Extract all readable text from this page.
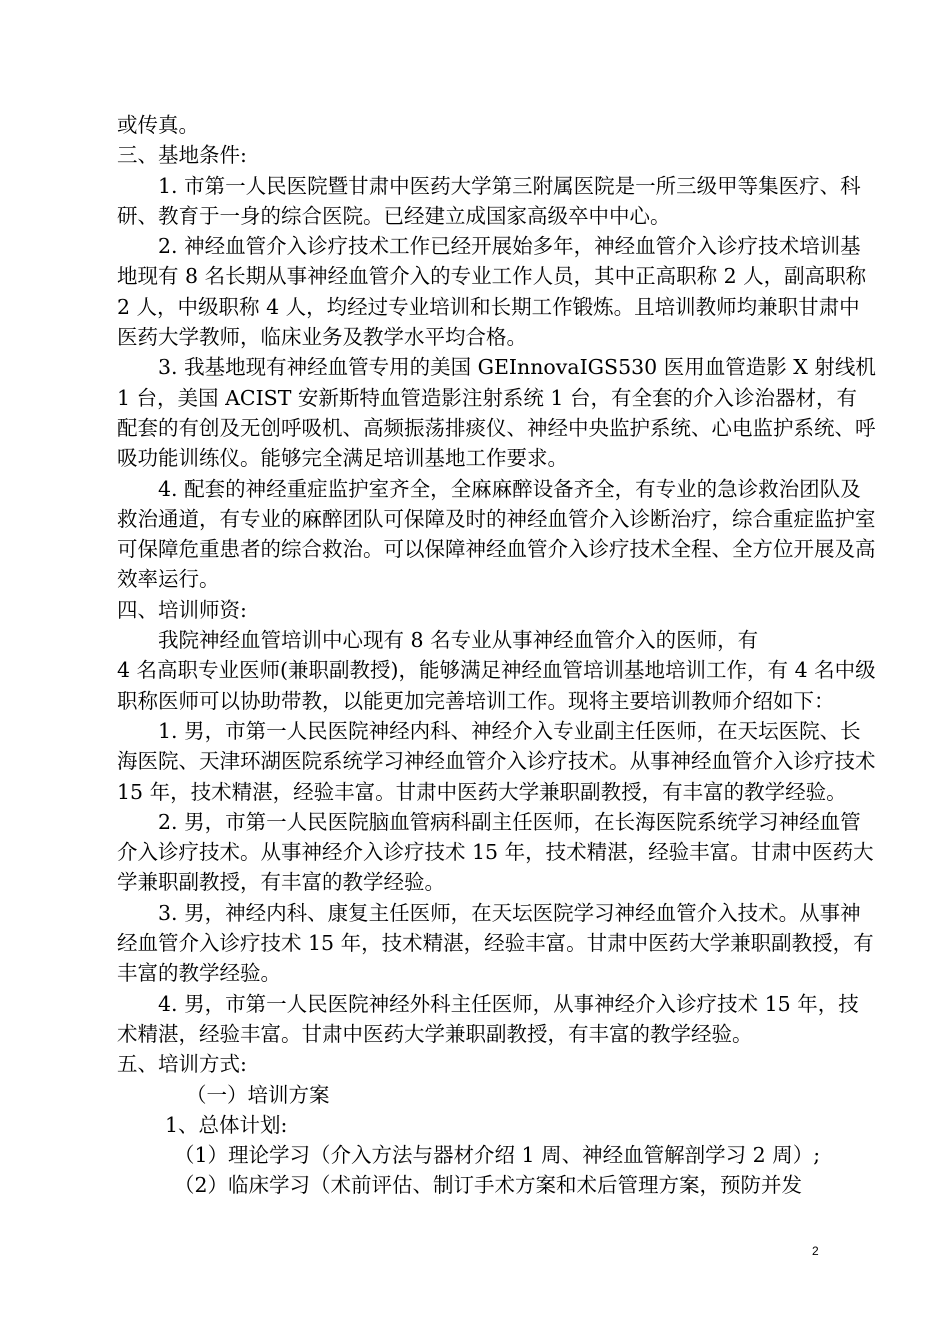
或传真。

三、基地条件:

1. 市第一人民医院暨甘肃中医药大学第三附属医院是一所三级甲等集医疗、科研、教育于一身的综合医院。已经建立成国家高级卒中中心。

2. 神经血管介入诊疗技术工作已经开展始多年，神经血管介入诊疗技术培训基地现有 8 名长期从事神经血管介入的专业工作人员，其中正高职称 2 人，副高职称 2 人，中级职称 4 人，均经过专业培训和长期工作锻炼。且培训教师均兼职甘肃中医药大学教师，临床业务及教学水平均合格。

3. 我基地现有神经血管专用的美国 GEInnovaIGS530 医用血管造影 X 射线机 1 台，美国 ACIST 安新斯特血管造影注射系统 1 台，有全套的介入诊治器材，有配套的有创及无创呼吸机、高频振荡排痰仪、神经中央监护系统、心电监护系统、呼吸功能训练仪。能够完全满足培训基地工作要求。

4. 配套的神经重症监护室齐全，全麻麻醉设备齐全，有专业的急诊救治团队及救治通道，有专业的麻醉团队可保障及时的神经血管介入诊断治疗，综合重症监护室可保障危重患者的综合救治。可以保障神经血管介入诊疗技术全程、全方位开展及高效率运行。

四、培训师资:

我院神经血管培训中心现有 8 名专业从事神经血管介入的医师，有

4 名高职专业医师(兼职副教授)，能够满足神经血管培训基地培训工作，有 4 名中级职称医师可以协助带教，以能更加完善培训工作。现将主要培训教师介绍如下：

1. 男，市第一人民医院神经内科、神经介入专业副主任医师，在天坛医院、长海医院、天津环湖医院系统学习神经血管介入诊疗技术。从事神经血管介入诊疗技术 15 年，技术精湛，经验丰富。甘肃中医药大学兼职副教授，有丰富的教学经验。

2. 男，市第一人民医院脑血管病科副主任医师，在长海医院系统学习神经血管介入诊疗技术。从事神经介入诊疗技术 15 年，技术精湛，经验丰富。甘肃中医药大学兼职副教授，有丰富的教学经验。

3. 男，神经内科、康复主任医师，在天坛医院学习神经血管介入技术。从事神经血管介入诊疗技术 15 年，技术精湛，经验丰富。甘肃中医药大学兼职副教授，有丰富的教学经验。

4. 男，市第一人民医院神经外科主任医师，从事神经介入诊疗技术 15 年，技术精湛，经验丰富。甘肃中医药大学兼职副教授，有丰富的教学经验。

五、培训方式:

（一）培训方案

1、总体计划:

（1）理论学习（介入方法与器材介绍 1 周、神经血管解剖学习 2 周）;

（2）临床学习（术前评估、制订手术方案和术后管理方案，预防并发

2
